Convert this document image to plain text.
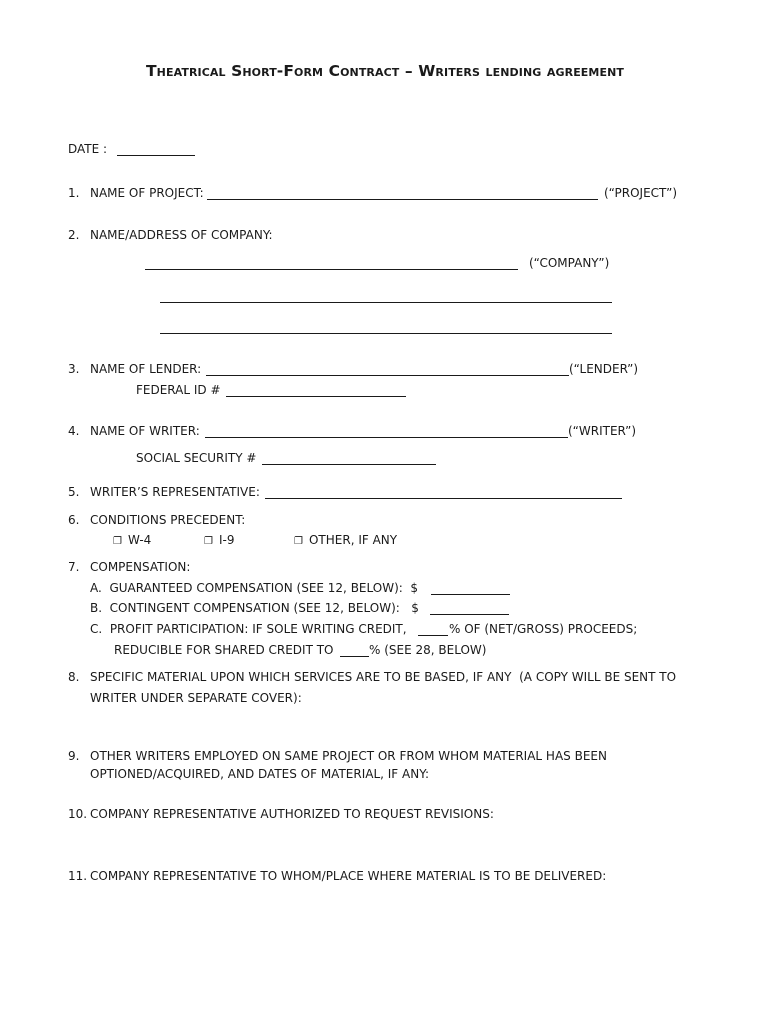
Theatrical Short-Form Contract – Writers lending agreement
DATE :
1. NAME OF PROJECT:	(“PROJECT”)
2. NAME/ADDRESS OF COMPANY:
(“COMPANY”)
3. NAME OF LENDER:	(“LENDER”)
FEDERAL ID #
4. NAME OF WRITER:	(“WRITER”)
SOCIAL SECURITY #
5. WRITER’S REPRESENTATIVE:
6. CONDITIONS PRECEDENT:
❐ W-4	❐ I-9	❐ OTHER, IF ANY
7. COMPENSATION:
A.  GUARANTEED COMPENSATION (SEE 12, BELOW):  $
B.  CONTINGENT COMPENSATION (SEE 12, BELOW):   $
C.  PROFIT PARTICIPATION: IF SOLE WRITING CREDIT,	% OF (NET/GROSS) PROCEEDS;
REDUCIBLE FOR SHARED CREDIT TO	% (SEE 28, BELOW)
8. SPECIFIC MATERIAL UPON WHICH SERVICES ARE TO BE BASED, IF ANY  (A COPY WILL BE SENT TO
WRITER UNDER SEPARATE COVER):
9. OTHER WRITERS EMPLOYED ON SAME PROJECT OR FROM WHOM MATERIAL HAS BEEN
OPTIONED/ACQUIRED, AND DATES OF MATERIAL, IF ANY:
10. COMPANY REPRESENTATIVE AUTHORIZED TO REQUEST REVISIONS:
11. COMPANY REPRESENTATIVE TO WHOM/PLACE WHERE MATERIAL IS TO BE DELIVERED:
